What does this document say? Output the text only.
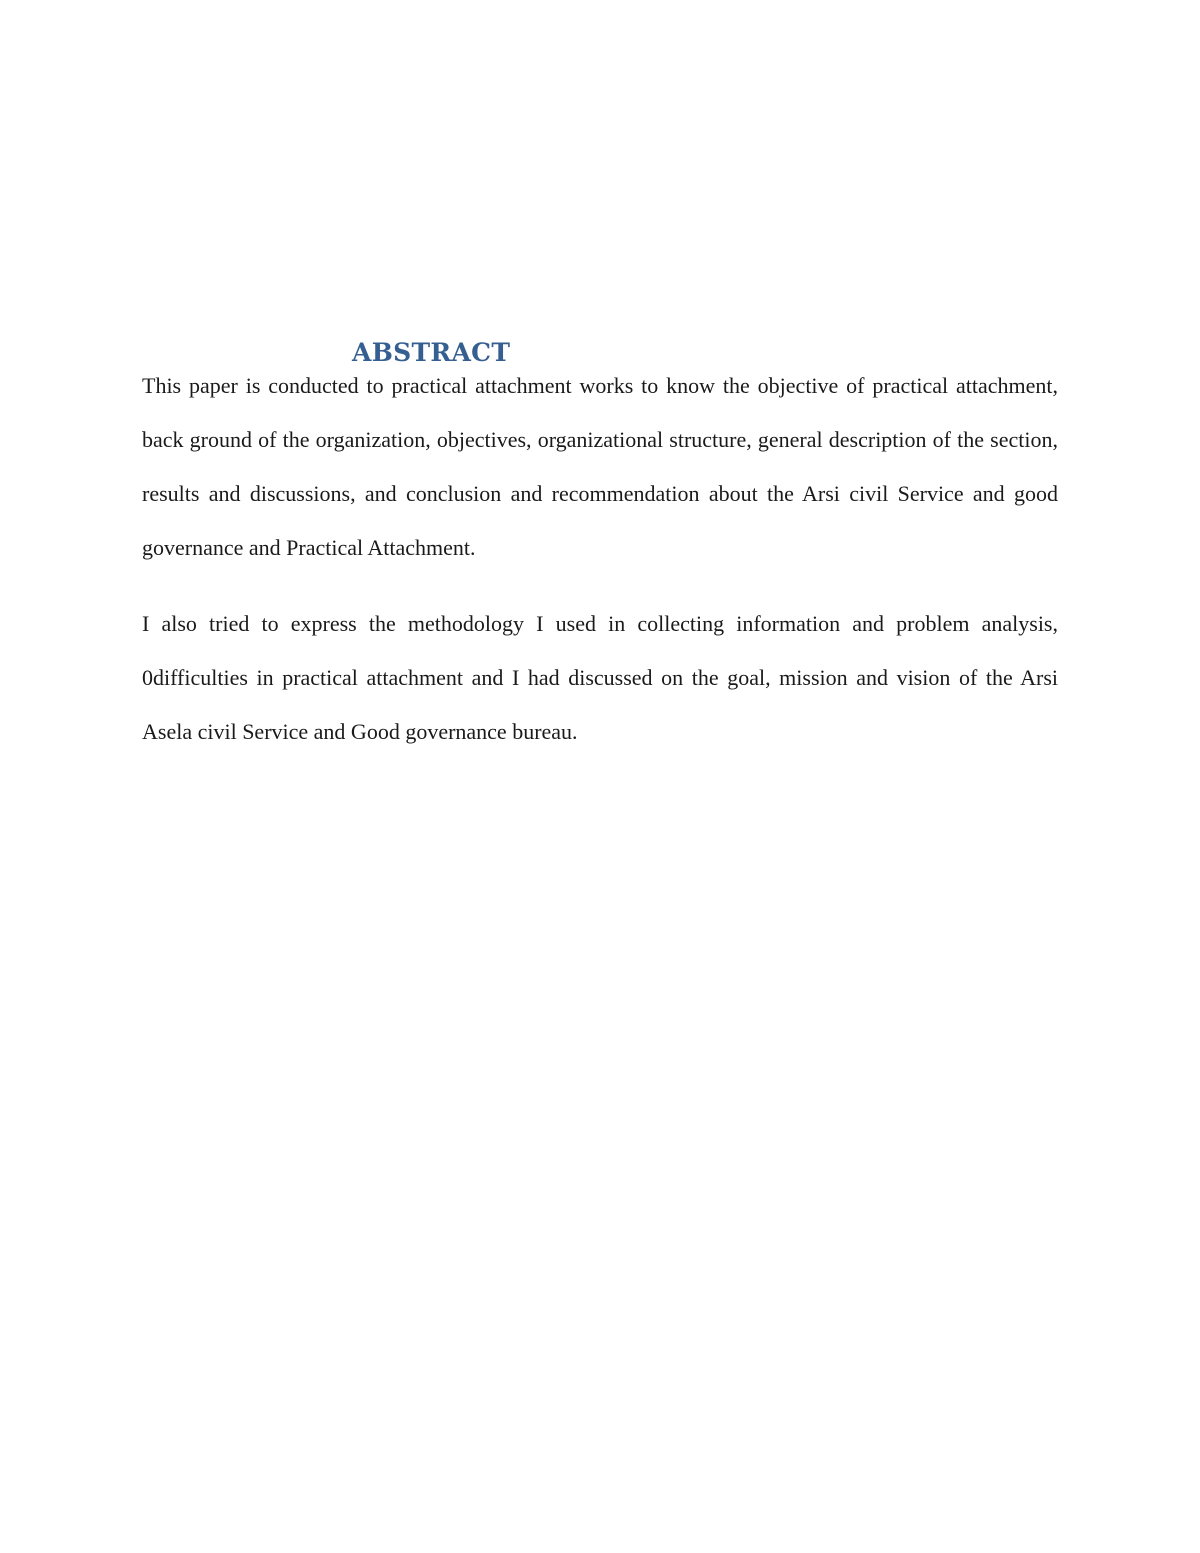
ABSTRACT

This paper is conducted to practical attachment works to know the objective of practical attachment, back ground of the organization, objectives, organizational structure, general description of the section, results and discussions, and conclusion and recommendation about the Arsi civil Service and good governance and Practical Attachment.

I also tried to express the methodology I used in collecting information and problem analysis, 0difficulties in practical attachment and I had discussed on the goal, mission and vision of the Arsi Asela civil Service and Good governance bureau.
